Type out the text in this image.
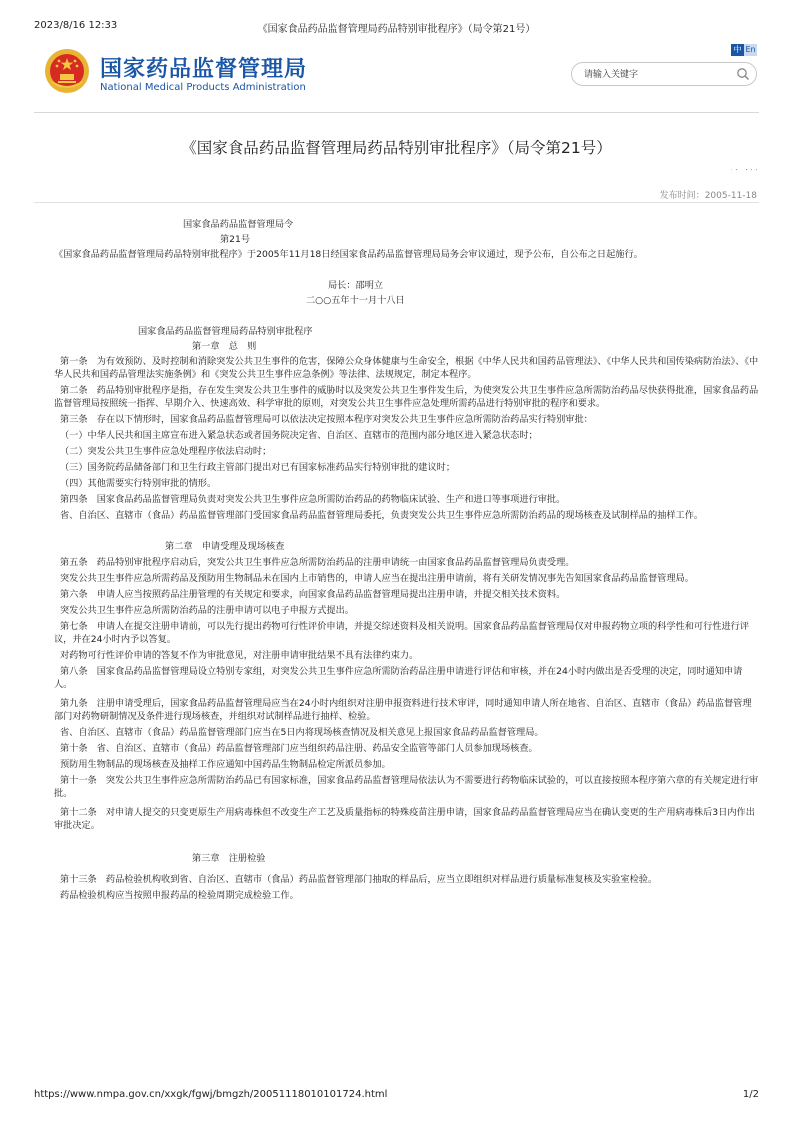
2023/8/16 12:33	《国家食品药品监督管理局药品特别审批程序》（局令第21号）
国家药品监督管理局
National Medical Products Administration
中 En
请输入关键字
《国家食品药品监督管理局药品特别审批程序》（局令第21号）
发布时间：2005-11-18

国家食品药品监督管理局令

第21号

《国家食品药品监督管理局药品特别审批程序》于2005年11月18日经国家食品药品监督管理局局务会审议通过，现予公布，自公布之日起施行。

局长：邵明立

二○○五年十一月十八日

国家食品药品监督管理局药品特别审批程序

第一章　总　则

第一条　为有效预防、及时控制和消除突发公共卫生事件的危害，保障公众身体健康与生命安全，根据《中华人民共和国药品管理法》、《中华人民共和国传染病防治法》、《中华人民共和国药品管理法实施条例》和《突发公共卫生事件应急条例》等法律、法规规定，制定本程序。

第二条　药品特别审批程序是指，存在发生突发公共卫生事件的威胁时以及突发公共卫生事件发生后，为使突发公共卫生事件应急所需防治药品尽快获得批准，国家食品药品监督管理局按照统一指挥、早期介入、快速高效、科学审批的原则，对突发公共卫生事件应急处理所需药品进行特别审批的程序和要求。

第三条　存在以下情形时，国家食品药品监督管理局可以依法决定按照本程序对突发公共卫生事件应急所需防治药品实行特别审批：

（一）中华人民共和国主席宣布进入紧急状态或者国务院决定省、自治区、直辖市的范围内部分地区进入紧急状态时；

（二）突发公共卫生事件应急处理程序依法启动时；

（三）国务院药品储备部门和卫生行政主管部门提出对已有国家标准药品实行特别审批的建议时；

（四）其他需要实行特别审批的情形。

第四条　国家食品药品监督管理局负责对突发公共卫生事件应急所需防治药品的药物临床试验、生产和进口等事项进行审批。

省、自治区、直辖市（食品）药品监督管理部门受国家食品药品监督管理局委托，负责突发公共卫生事件应急所需防治药品的现场核查及试制样品的抽样工作。

第二章　申请受理及现场核查

第五条　药品特别审批程序启动后，突发公共卫生事件应急所需防治药品的注册申请统一由国家食品药品监督管理局负责受理。

突发公共卫生事件应急所需药品及预防用生物制品未在国内上市销售的，申请人应当在提出注册申请前，将有关研发情况事先告知国家食品药品监督管理局。

第六条　申请人应当按照药品注册管理的有关规定和要求，向国家食品药品监督管理局提出注册申请，并提交相关技术资料。

突发公共卫生事件应急所需防治药品的注册申请可以电子申报方式提出。

第七条　申请人在提交注册申请前，可以先行提出药物可行性评价申请，并提交综述资料及相关说明。国家食品药品监督管理局仅对申报药物立项的科学性和可行性进行评议，并在24小时内予以答复。

对药物可行性评价申请的答复不作为审批意见，对注册申请审批结果不具有法律约束力。

第八条　国家食品药品监督管理局设立特别专家组，对突发公共卫生事件应急所需防治药品注册申请进行评估和审核，并在24小时内做出是否受理的决定，同时通知申请人。

第九条　注册申请受理后，国家食品药品监督管理局应当在24小时内组织对注册申报资料进行技术审评，同时通知申请人所在地省、自治区、直辖市（食品）药品监督管理部门对药物研制情况及条件进行现场核查，并组织对试制样品进行抽样、检验。

省、自治区、直辖市（食品）药品监督管理部门应当在5日内将现场核查情况及相关意见上报国家食品药品监督管理局。

第十条　省、自治区、直辖市（食品）药品监督管理部门应当组织药品注册、药品安全监管等部门人员参加现场核查。

预防用生物制品的现场核查及抽样工作应通知中国药品生物制品检定所派员参加。

第十一条　突发公共卫生事件应急所需防治药品已有国家标准，国家食品药品监督管理局依法认为不需要进行药物临床试验的，可以直接按照本程序第六章的有关规定进行审批。

第十二条　对申请人提交的只变更原生产用病毒株但不改变生产工艺及质量指标的特殊疫苗注册申请，国家食品药品监督管理局应当在确认变更的生产用病毒株后3日内作出审批决定。

第三章　注册检验

第十三条　药品检验机构收到省、自治区、直辖市（食品）药品监督管理部门抽取的样品后，应当立即组织对样品进行质量标准复核及实验室检验。

药品检验机构应当按照申报药品的检验周期完成检验工作。

https://www.nmpa.gov.cn/xxgk/fgwj/bmgzh/20051118010101724.html	1/2
